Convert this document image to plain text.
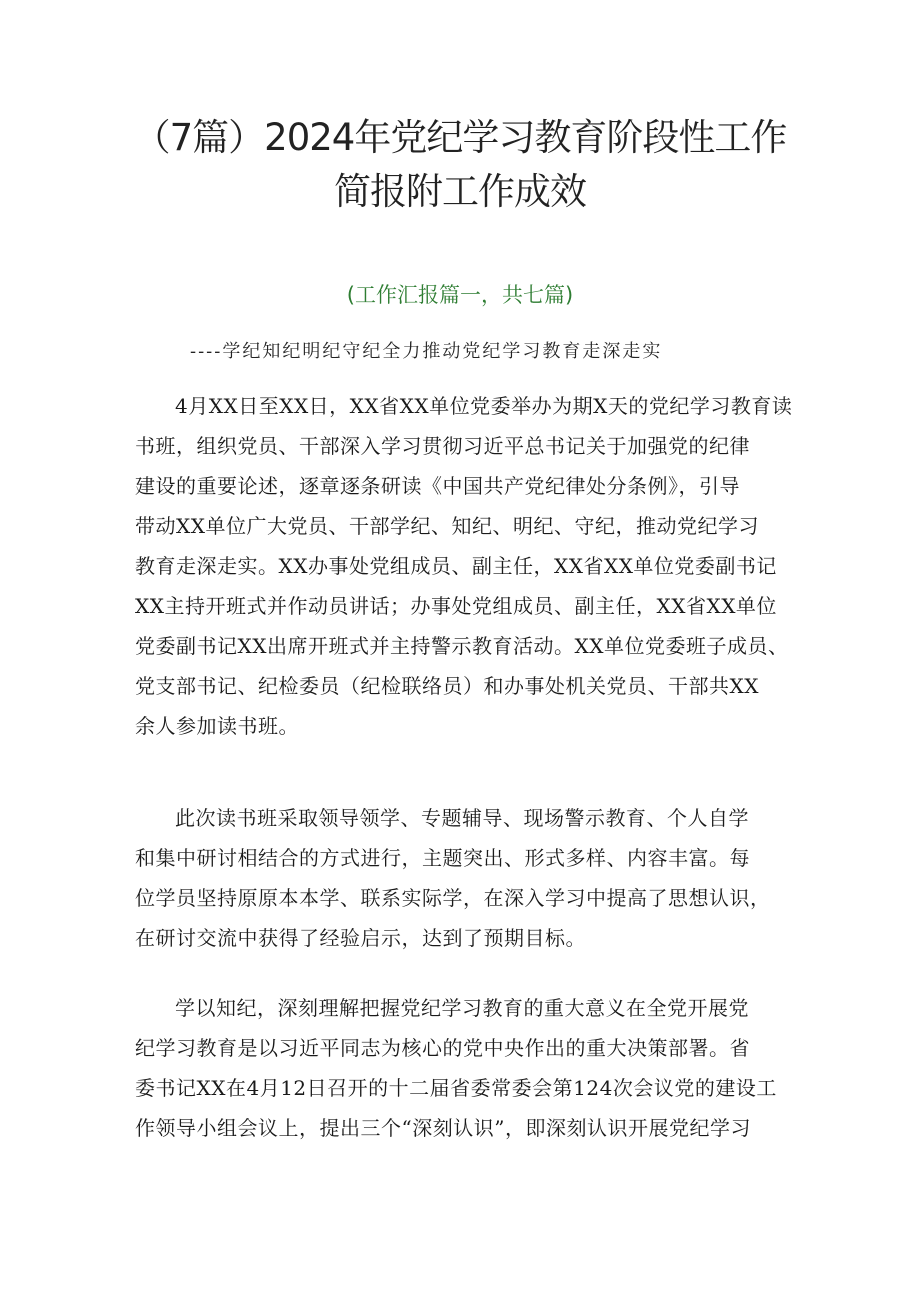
（7篇）2024年党纪学习教育阶段性工作
简报附工作成效
(工作汇报篇一，共七篇)
----学纪知纪明纪守纪全力推动党纪学习教育走深走实
4月XX日至XX日，XX省XX单位党委举办为期X天的党纪学习教育读
书班，组织党员、干部深入学习贯彻习近平总书记关于加强党的纪律
建设的重要论述，逐章逐条研读《中国共产党纪律处分条例》，引导
带动XX单位广大党员、干部学纪、知纪、明纪、守纪，推动党纪学习
教育走深走实。XX办事处党组成员、副主任，XX省XX单位党委副书记
XX主持开班式并作动员讲话；办事处党组成员、副主任，XX省XX单位
党委副书记XX出席开班式并主持警示教育活动。XX单位党委班子成员、
党支部书记、纪检委员（纪检联络员）和办事处机关党员、干部共XX
余人参加读书班。
此次读书班采取领导领学、专题辅导、现场警示教育、个人自学
和集中研讨相结合的方式进行，主题突出、形式多样、内容丰富。每
位学员坚持原原本本学、联系实际学，在深入学习中提高了思想认识，
在研讨交流中获得了经验启示，达到了预期目标。
学以知纪，深刻理解把握党纪学习教育的重大意义在全党开展党
纪学习教育是以习近平同志为核心的党中央作出的重大决策部署。省
委书记XX在4月12日召开的十二届省委常委会第124次会议党的建设工
作领导小组会议上，提出三个“深刻认识”，即深刻认识开展党纪学习
